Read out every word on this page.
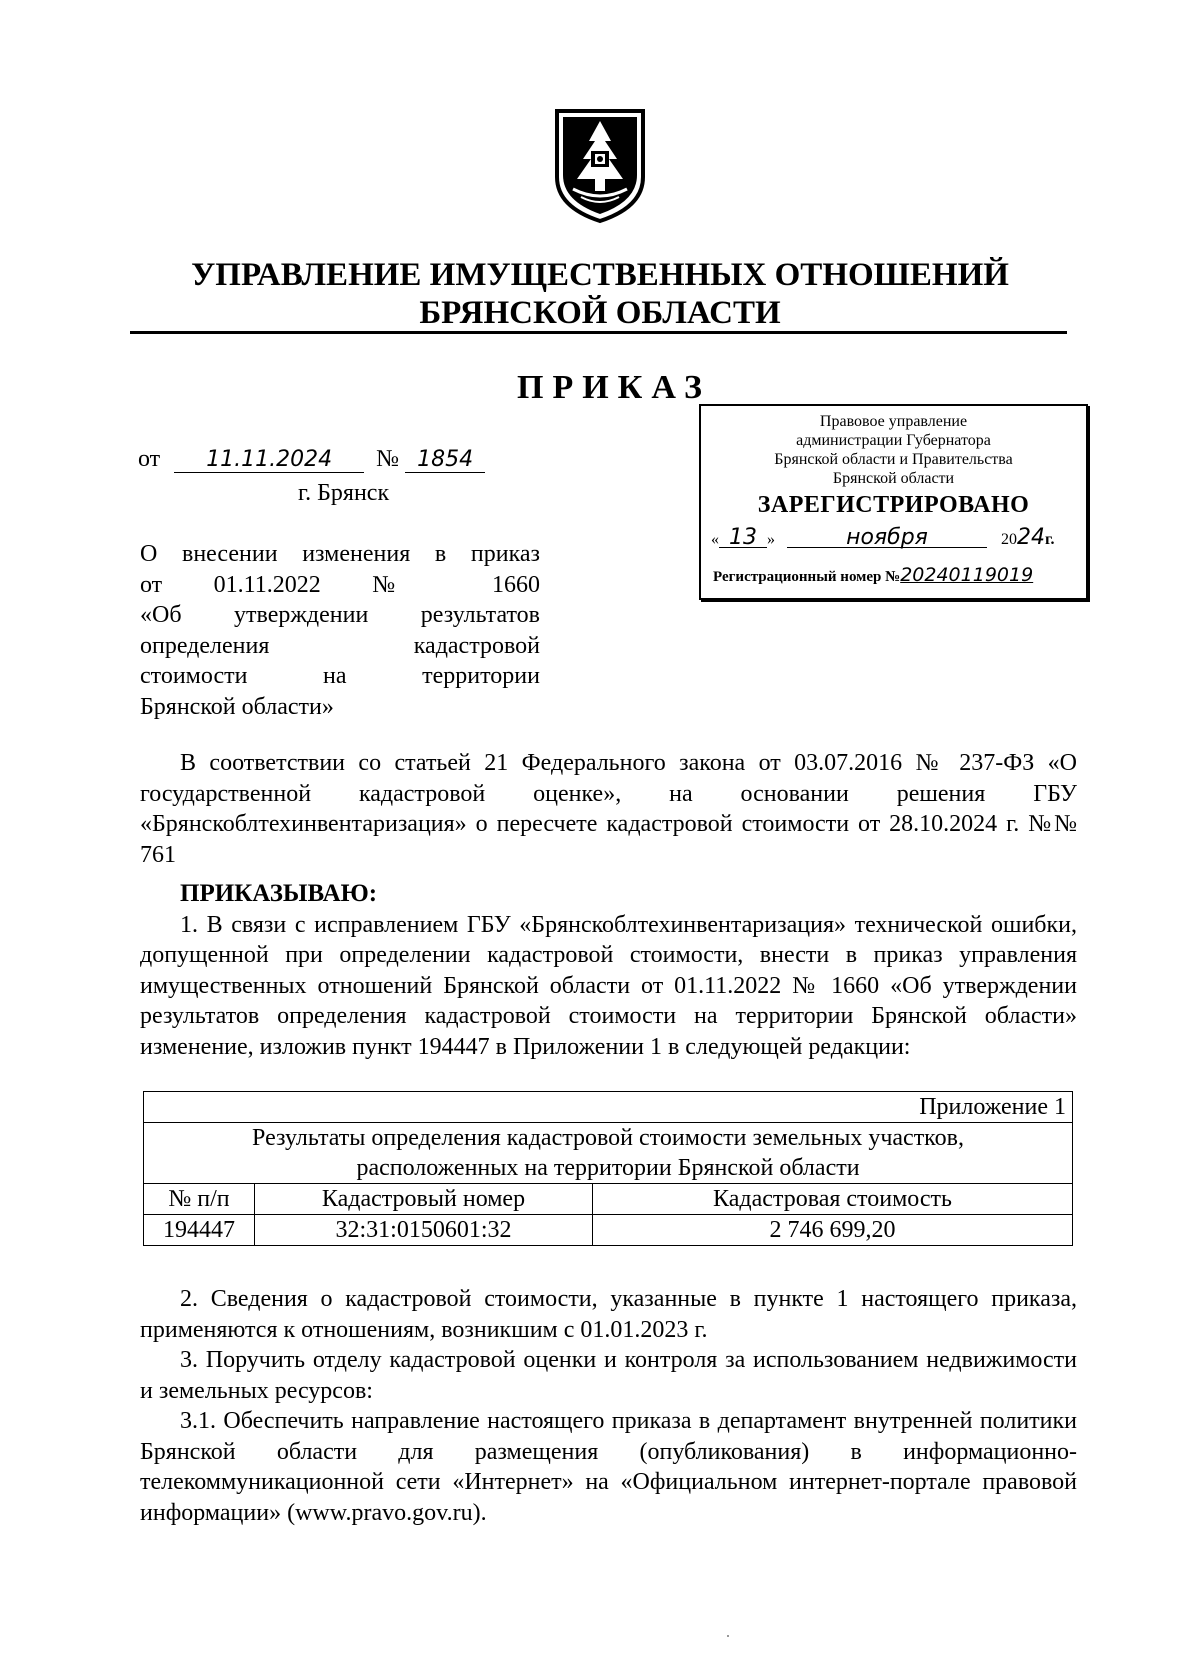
УПРАВЛЕНИЕ ИМУЩЕСТВЕННЫХ ОТНОШЕНИЙ
БРЯНСКОЙ ОБЛАСТИ
ПРИКАЗ
Правовое управление
администрации Губернатора
Брянской области и Правительства
Брянской области
ЗАРЕГИСТРИРОВАНО
« 13 »	ноября	2024г.
Регистрационный номер №20240119019
от 11.11.2024 № 1854
г. Брянск
О внесении изменения в приказ
от 01.11.2022 № 1660
«Об утверждении результатов
определения кадастровой
стоимости на территории
Брянской области»

В соответствии со статьей 21 Федерального закона от 03.07.2016 № 237-ФЗ «О государственной кадастровой оценке», на основании решения ГБУ «Брянскоблтехинвентаризация» о пересчете кадастровой стоимости от 28.10.2024 г. №№ 761

ПРИКАЗЫВАЮ:

1. В связи с исправлением ГБУ «Брянскоблтехинвентаризация» технической ошибки, допущенной при определении кадастровой стоимости, внести в приказ управления имущественных отношений Брянской области от 01.11.2022 № 1660 «Об утверждении результатов определения кадастровой стоимости на территории Брянской области» изменение, изложив пункт 194447 в Приложении 1 в следующей редакции:

Приложение 1		

Результаты определения кадастровой стоимости земельных участков,
расположенных на территории Брянской области		

№ п/п	Кадастровый номер	Кадастровая стоимость
194447	32:31:0150601:32	2 746 699,20

2. Сведения о кадастровой стоимости, указанные в пункте 1 настоящего приказа, применяются к отношениям, возникшим с 01.01.2023 г.

3. Поручить отделу кадастровой оценки и контроля за использованием недвижимости и земельных ресурсов:

3.1. Обеспечить направление настоящего приказа в департамент внутренней политики Брянской области для размещения (опубликования) в информационно-телекоммуникационной сети «Интернет» на «Официальном интернет-портале правовой информации» (www.pravo.gov.ru).
